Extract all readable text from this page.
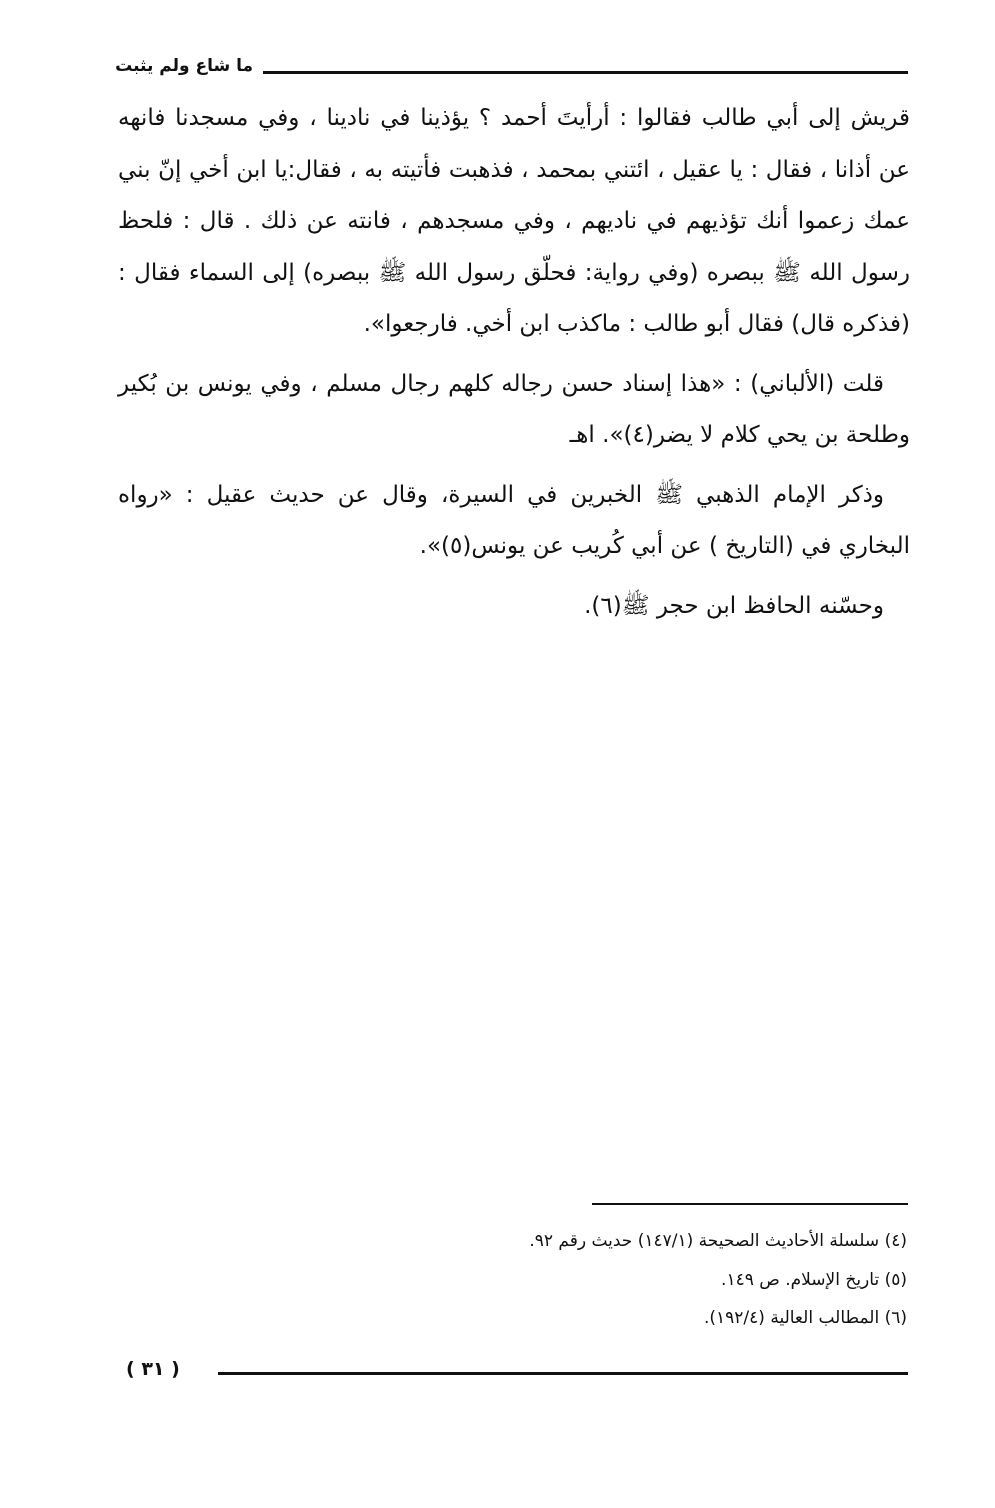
ما شاع ولم يثبت

قريش إلى أبي طالب فقالوا : أرأيتَ أحمد ؟ يؤذينا في نادينا ، وفي مسجدنا فانهه عن أذانا ، فقال : يا عقيل ، ائتني بمحمد ، فذهبت فأتيته به ، فقال:يا ابن أخي إنّ بني عمك زعموا أنك تؤذيهم في ناديهم ، وفي مسجدهم ، فانته عن ذلك . قال : فلحظ رسول الله ﷺ ببصره (وفي رواية: فحلّق رسول الله ﷺ ببصره) إلى السماء فقال : (فذكره قال) فقال أبو طالب : ماكذب ابن أخي. فارجعوا».

قلت (الألباني) : «هذا إسناد حسن رجاله كلهم رجال مسلم ، وفي يونس بن بُكير وطلحة بن يحي كلام لا يضر(٤)». اهـ

وذكر الإمام الذهبي ﷺ الخبرين في السيرة، وقال عن حديث عقيل : «رواه البخاري في (التاريخ ) عن أبي كُريب عن يونس(٥)».

وحسّنه الحافظ ابن حجر ﷺ(٦).

(٤) سلسلة الأحاديث الصحيحة (١٤٧/١) حديث رقم ٩٢.
(٥) تاريخ الإسلام. ص ١٤٩.
(٦) المطالب العالية (١٩٢/٤).
( ٣١ )
